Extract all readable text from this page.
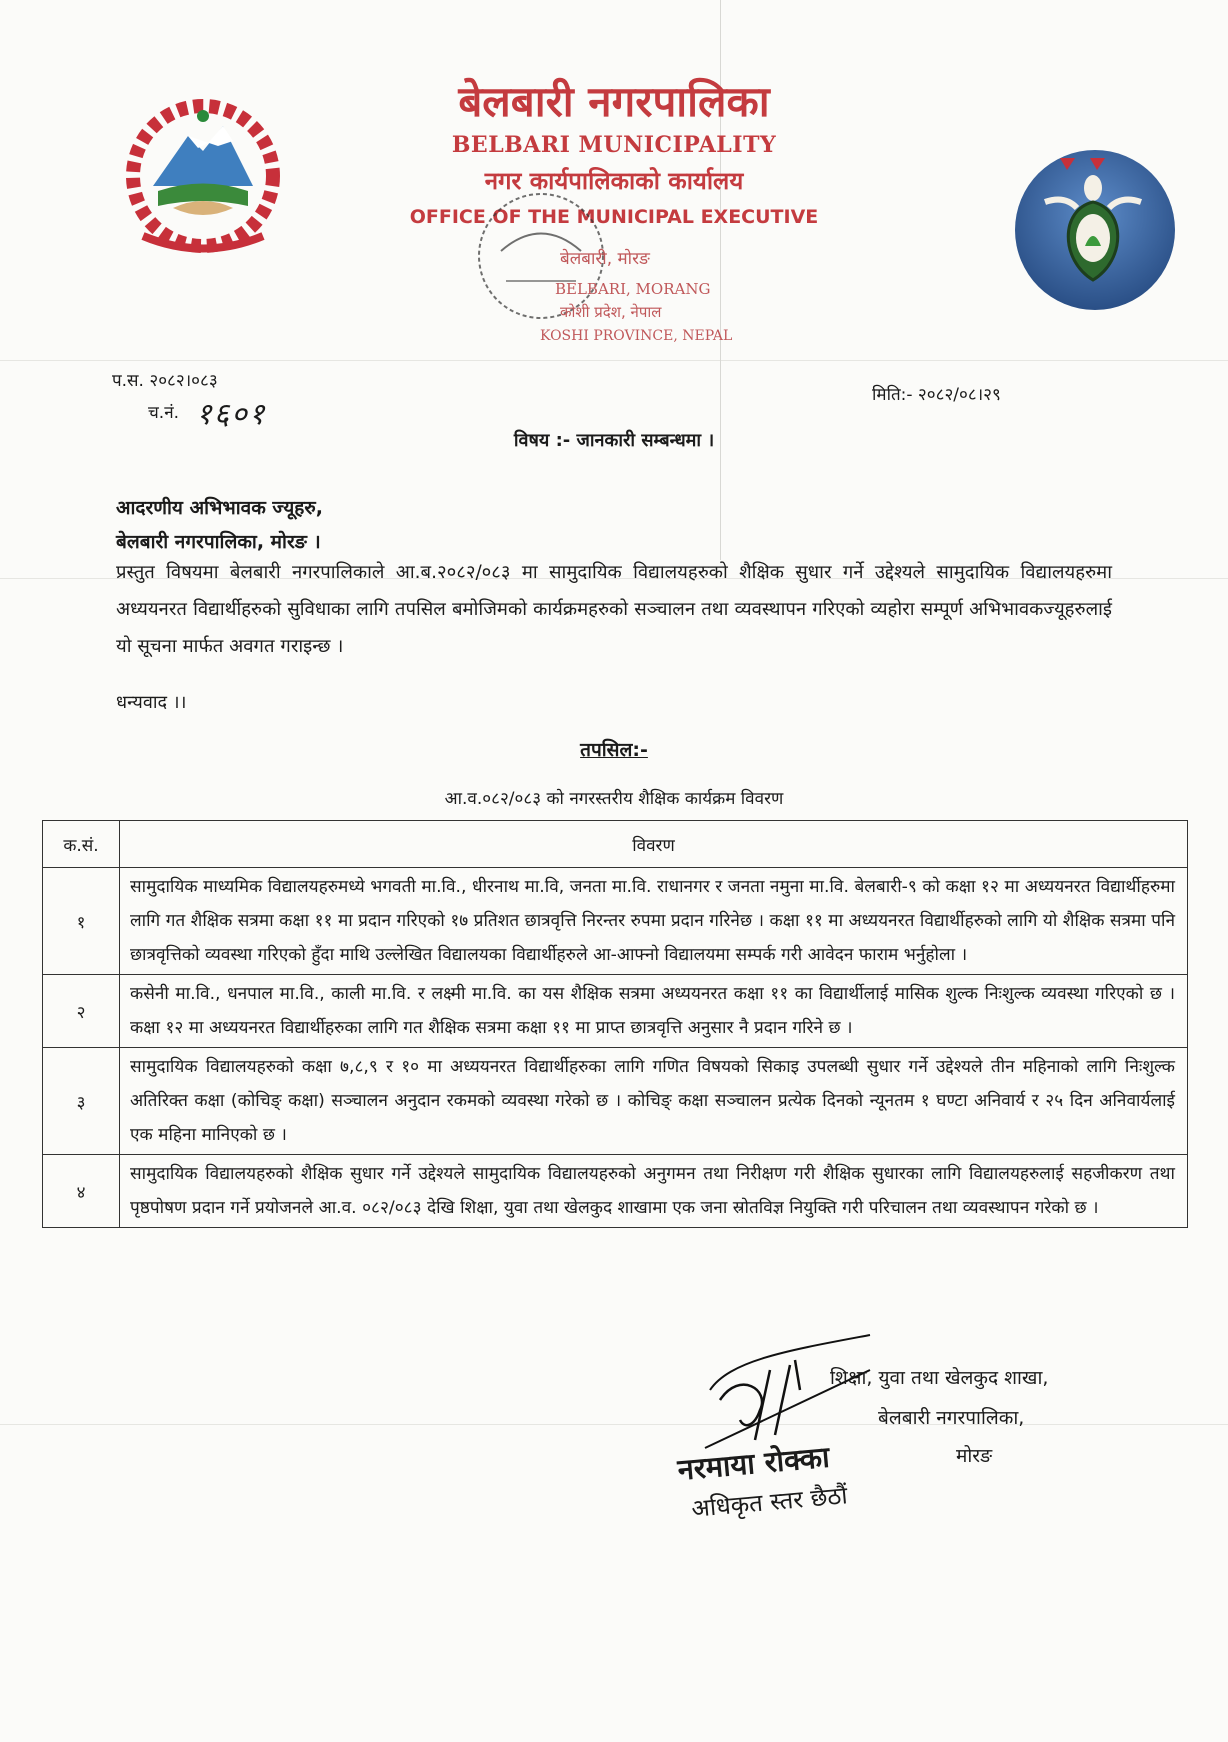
बेलबारी नगरपालिका
BELBARI MUNICIPALITY
नगर कार्यपालिकाको कार्यालय
OFFICE OF THE MUNICIPAL EXECUTIVE
बेलबारी, मोरङ
BELBARI, MORANG
कोशी प्रदेश, नेपाल
KOSHI PROVINCE, NEPAL
प.स. २०८२।०८३
च.नं. १६०१
मिति:- २०८२/०८।२९
विषय :- जानकारी सम्बन्धमा ।
आदरणीय अभिभावक ज्यूहरु,
बेलबारी नगरपालिका, मोरङ ।
प्रस्तुत विषयमा बेलबारी नगरपालिकाले आ.ब.२०८२/०८३ मा सामुदायिक विद्यालयहरुको शैक्षिक सुधार गर्ने उद्देश्यले सामुदायिक विद्यालयहरुमा अध्ययनरत विद्यार्थीहरुको सुविधाका लागि तपसिल बमोजिमको कार्यक्रमहरुको सञ्चालन तथा व्यवस्थापन गरिएको व्यहोरा सम्पूर्ण अभिभावकज्यूहरुलाई यो सूचना मार्फत अवगत गराइन्छ ।
धन्यवाद ।।
तपसिल:-
आ.व.०८२/०८३ को नगरस्तरीय शैक्षिक कार्यक्रम विवरण
क.सं.	विवरण
१	सामुदायिक माध्यमिक विद्यालयहरुमध्ये भगवती मा.वि., धीरनाथ मा.वि, जनता मा.वि. राधानगर र जनता नमुना मा.वि. बेलबारी-९ को कक्षा १२ मा अध्ययनरत विद्यार्थीहरुमा लागि गत शैक्षिक सत्रमा कक्षा ११ मा प्रदान गरिएको १७ प्रतिशत छात्रवृत्ति निरन्तर रुपमा प्रदान गरिनेछ । कक्षा ११ मा अध्ययनरत विद्यार्थीहरुको लागि यो शैक्षिक सत्रमा पनि छात्रवृत्तिको व्यवस्था गरिएको हुँदा माथि उल्लेखित विद्यालयका विद्यार्थीहरुले आ-आफ्नो विद्यालयमा सम्पर्क गरी आवेदन फाराम भर्नुहोला ।
२	कसेनी मा.वि., धनपाल मा.वि., काली मा.वि. र लक्ष्मी मा.वि. का यस शैक्षिक सत्रमा अध्ययनरत कक्षा ११ का विद्यार्थीलाई मासिक शुल्क निःशुल्क व्यवस्था गरिएको छ ।कक्षा १२ मा अध्ययनरत विद्यार्थीहरुका लागि गत शैक्षिक सत्रमा कक्षा ११ मा प्राप्त छात्रवृत्ति अनुसार नै प्रदान गरिने छ ।
३	सामुदायिक विद्यालयहरुको कक्षा ७,८,९ र १० मा अध्ययनरत विद्यार्थीहरुका लागि गणित विषयको सिकाइ उपलब्धी सुधार गर्ने उद्देश्यले तीन महिनाको लागि निःशुल्क अतिरिक्त कक्षा (कोचिङ् कक्षा) सञ्चालन अनुदान रकमको व्यवस्था गरेको छ । कोचिङ् कक्षा सञ्चालन प्रत्येक दिनको न्यूनतम १ घण्टा अनिवार्य र २५ दिन अनिवार्यलाई एक महिना मानिएको छ ।
४	सामुदायिक विद्यालयहरुको शैक्षिक सुधार गर्ने उद्देश्यले सामुदायिक विद्यालयहरुको अनुगमन तथा निरीक्षण गरी शैक्षिक सुधारका लागि विद्यालयहरुलाई सहजीकरण तथा पृष्ठपोषण प्रदान गर्ने प्रयोजनले आ.व. ०८२/०८३ देखि शिक्षा, युवा तथा खेलकुद शाखामा एक जना स्रोतविज्ञ नियुक्ति गरी परिचालन तथा व्यवस्थापन गरेको छ ।
शिक्षा, युवा तथा खेलकुद शाखा,
बेलबारी नगरपालिका,
मोरङ
नरमाया रोक्का
अधिकृत स्तर छैठौं
